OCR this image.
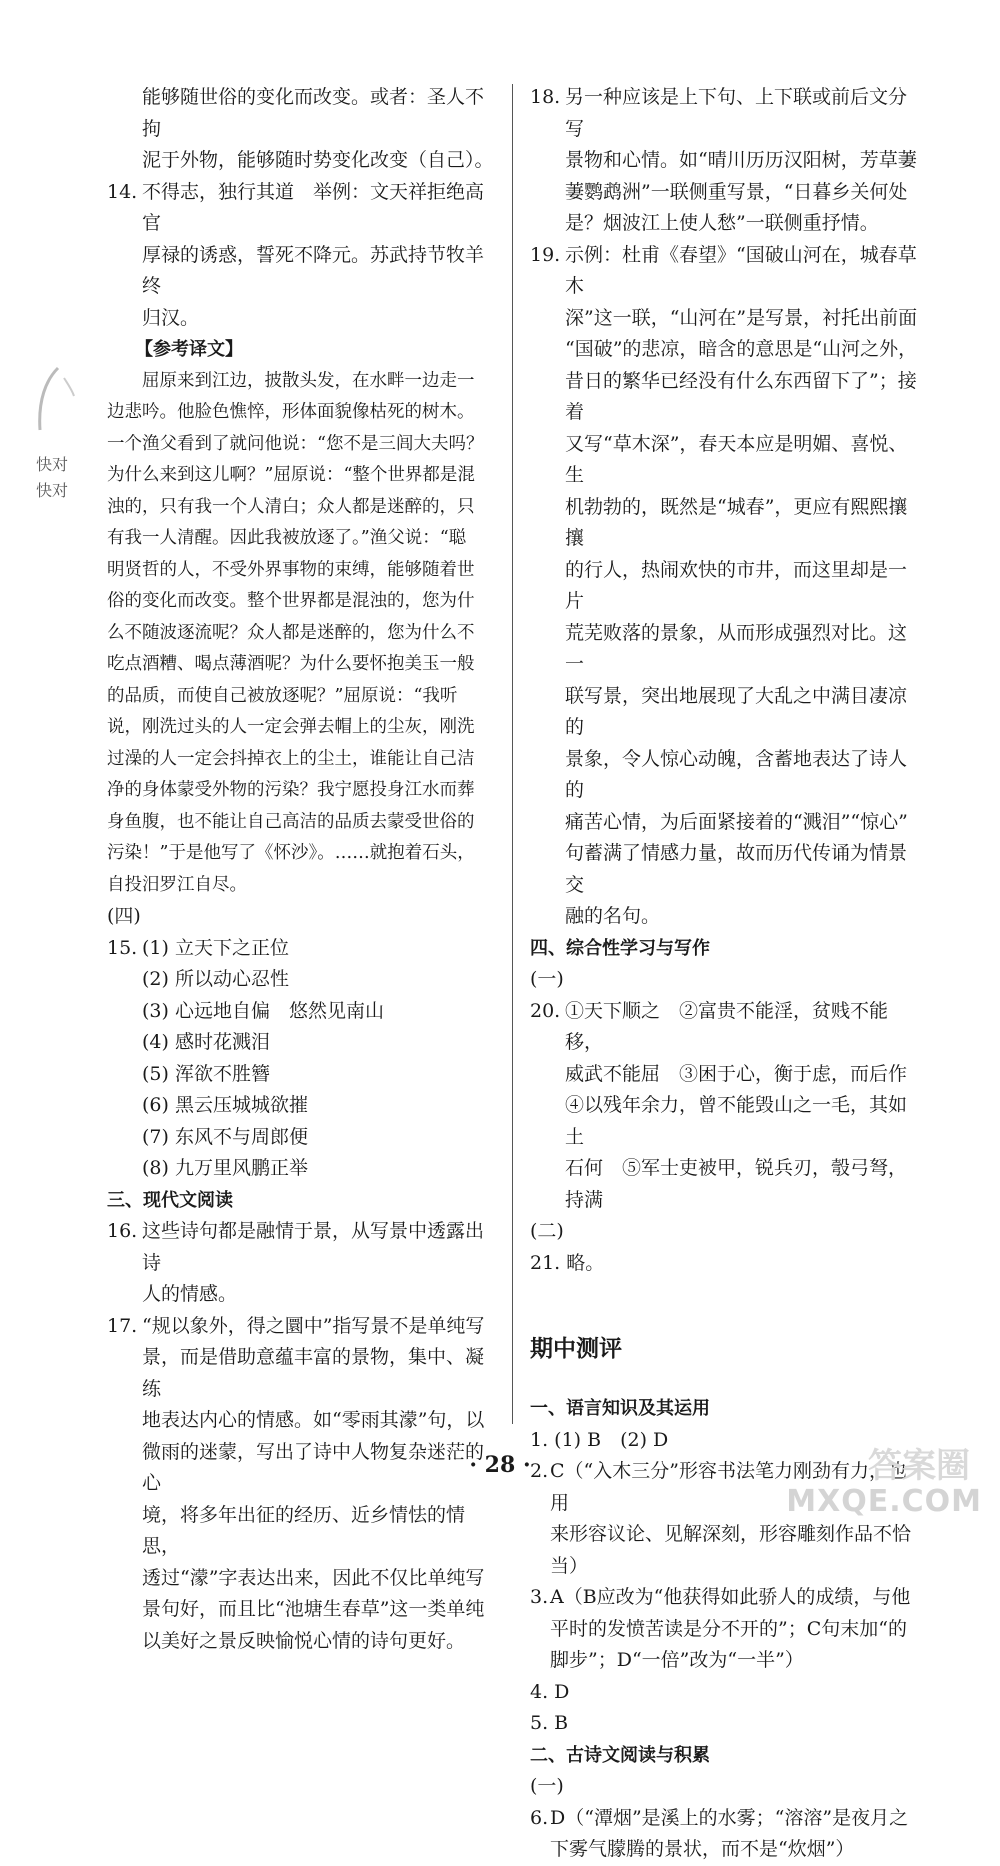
快对
快对

能够随世俗的变化而改变。或者：圣人不拘

泥于外物，能够随时势变化改变（自己）。

14. 不得志，独行其道　举例：文天祥拒绝高官

厚禄的诱惑，誓死不降元。苏武持节牧羊终

归汉。

【参考译文】

屈原来到江边，披散头发，在水畔一边走一

边悲吟。他脸色憔悴，形体面貌像枯死的树木。

一个渔父看到了就问他说：“您不是三闾大夫吗？

为什么来到这儿啊？”屈原说：“整个世界都是混

浊的，只有我一个人清白；众人都是迷醉的，只

有我一人清醒。因此我被放逐了。”渔父说：“聪

明贤哲的人，不受外界事物的束缚，能够随着世

俗的变化而改变。整个世界都是混浊的，您为什

么不随波逐流呢？众人都是迷醉的，您为什么不

吃点酒糟、喝点薄酒呢？为什么要怀抱美玉一般

的品质，而使自己被放逐呢？”屈原说：“我听

说，刚洗过头的人一定会弹去帽上的尘灰，刚洗

过澡的人一定会抖掉衣上的尘土，谁能让自己洁

净的身体蒙受外物的污染？我宁愿投身江水而葬

身鱼腹，也不能让自己高洁的品质去蒙受世俗的

污染！”于是他写了《怀沙》。……就抱着石头，

自投汨罗江自尽。

(四)

15. (1) 立天下之正位

(2) 所以动心忍性

(3) 心远地自偏　悠然见南山

(4) 感时花溅泪

(5) 浑欲不胜簪

(6) 黑云压城城欲摧

(7) 东风不与周郎便

(8) 九万里风鹏正举

三、现代文阅读

16. 这些诗句都是融情于景，从写景中透露出诗

人的情感。

17. “规以象外，得之圜中”指写景不是单纯写

景，而是借助意蕴丰富的景物，集中、凝练

地表达内心的情感。如“零雨其濛”句，以

微雨的迷蒙，写出了诗中人物复杂迷茫的心

境，将多年出征的经历、近乡情怯的情思，

透过“濛”字表达出来，因此不仅比单纯写

景句好，而且比“池塘生春草”这一类单纯

以美好之景反映愉悦心情的诗句更好。

18. 另一种应该是上下句、上下联或前后文分写

景物和心情。如“晴川历历汉阳树，芳草萋

萋鹦鹉洲”一联侧重写景，“日暮乡关何处

是？烟波江上使人愁”一联侧重抒情。

19. 示例：杜甫《春望》“国破山河在，城春草木

深”这一联，“山河在”是写景，衬托出前面

“国破”的悲凉，暗含的意思是“山河之外，

昔日的繁华已经没有什么东西留下了”；接着

又写“草木深”，春天本应是明媚、喜悦、生

机勃勃的，既然是“城春”，更应有熙熙攘攘

的行人，热闹欢快的市井，而这里却是一片

荒芜败落的景象，从而形成强烈对比。这一

联写景，突出地展现了大乱之中满目凄凉的

景象，令人惊心动魄，含蓄地表达了诗人的

痛苦心情，为后面紧接着的“溅泪”“惊心”

句蓄满了情感力量，故而历代传诵为情景交

融的名句。

四、综合性学习与写作

(一)

20. ①天下顺之　②富贵不能淫，贫贱不能移，

威武不能屈　③困于心，衡于虑，而后作

④以残年余力，曾不能毁山之一毛，其如土

石何　⑤军士吏被甲，锐兵刃，彀弓弩，

持满

(二)

21. 略。

期中测评

一、语言知识及其运用

1. (1) B　(2) D

2. C（“入木三分”形容书法笔力刚劲有力，也用

来形容议论、见解深刻，形容雕刻作品不恰

当）

3. A（B应改为“他获得如此骄人的成绩，与他

平时的发愤苦读是分不开的”；C句末加“的

脚步”；D“一倍”改为“一半”）

4. D

5. B

二、古诗文阅读与积累

(一)

6. D（“潭烟”是溪上的水雾；“溶溶”是夜月之

下雾气朦腾的景状，而不是“炊烟”）

· 28 ·	答案圈
MXQE.COM
